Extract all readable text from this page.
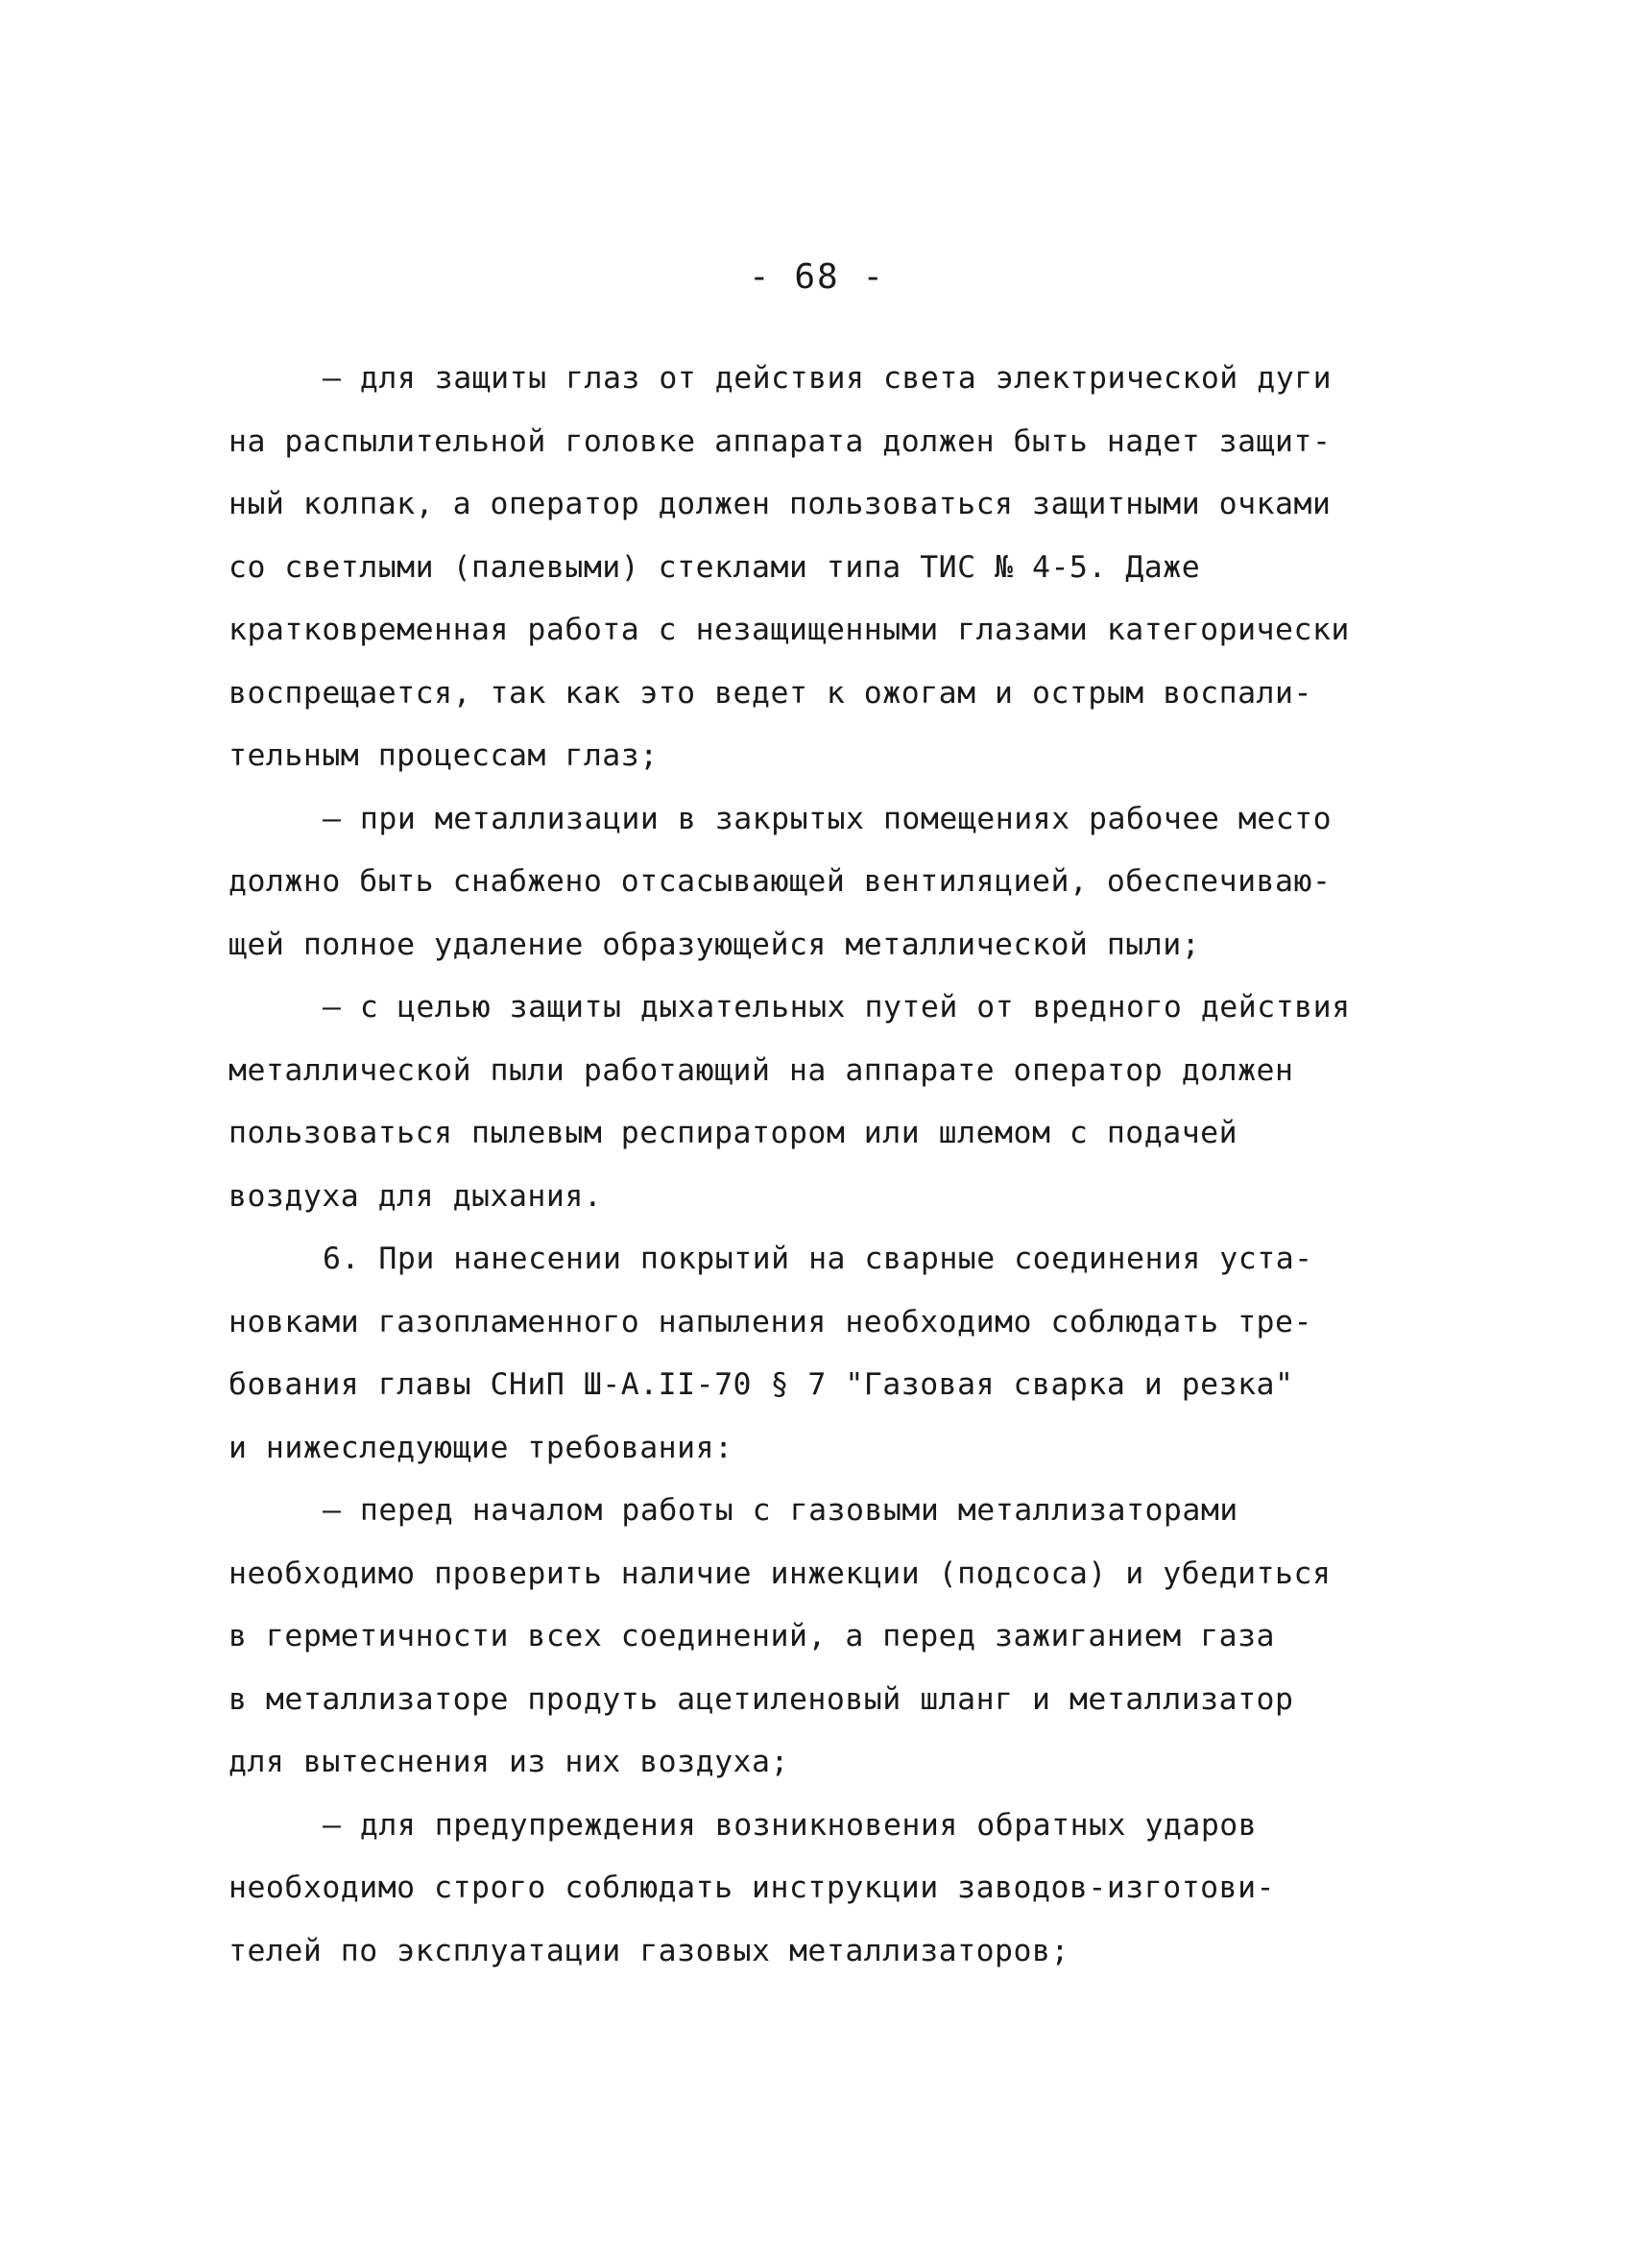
- 68 -
– для защиты глаз от действия света электрической дуги
на распылительной головке аппарата должен быть надет защит-
ный колпак, а оператор должен пользоваться защитными очками
со светлыми (палевыми) стеклами типа ТИС № 4-5. Даже
кратковременная работа с незащищенными глазами категорически
воспрещается, так как это ведет к ожогам и острым воспали-
тельным процессам глаз;
– при металлизации в закрытых помещениях рабочее место
должно быть снабжено отсасывающей вентиляцией, обеспечиваю-
щей полное удаление образующейся металлической пыли;
– с целью защиты дыхательных путей от вредного действия
металлической пыли работающий на аппарате оператор должен
пользоваться пылевым респиратором или шлемом с подачей
воздуха для дыхания.
6. При нанесении покрытий на сварные соединения уста-
новками газопламенного напыления необходимо соблюдать тре-
бования главы СНиП Ш-А.II-70 § 7 "Газовая сварка и резка"
и нижеследующие требования:
– перед началом работы с газовыми металлизаторами
необходимо проверить наличие инжекции (подсоса) и убедиться
в герметичности всех соединений, а перед зажиганием газа
в металлизаторе продуть ацетиленовый шланг и металлизатор
для вытеснения из них воздуха;
– для предупреждения возникновения обратных ударов
необходимо строго соблюдать инструкции заводов-изготови-
телей по эксплуатации газовых металлизаторов;
